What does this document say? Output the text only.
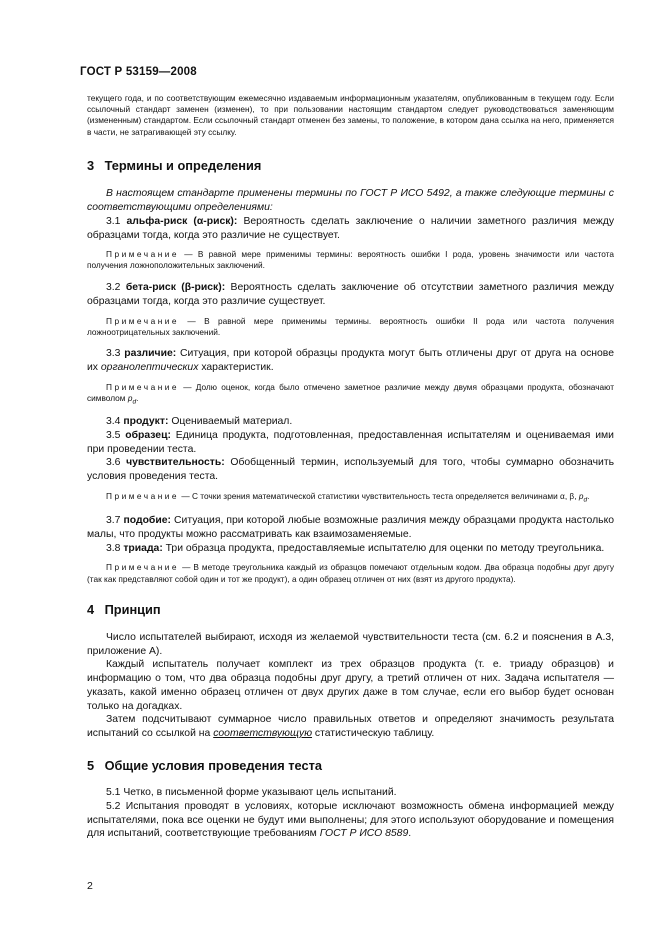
ГОСТ Р 53159—2008

текущего года, и по соответствующим ежемесячно издаваемым информационным указателям, опубликованным в текущем году. Если ссылочный стандарт заменен (изменен), то при пользовании настоящим стандартом следует руководствоваться заменяющим (измененным) стандартом. Если ссылочный стандарт отменен без замены, то положение, в котором дана ссылка на него, применяется в части, не затрагивающей эту ссылку.

3 Термины и определения

В настоящем стандарте применены термины по ГОСТ Р ИСО 5492, а также следующие термины с соответствующими определениями:

3.1 альфа-риск (α-риск): Вероятность сделать заключение о наличии заметного различия между образцами тогда, когда это различие не существует.

Примечание — В равной мере применимы термины: вероятность ошибки I рода, уровень значимости или частота получения ложноположительных заключений.

3.2 бета-риск (β-риск): Вероятность сделать заключение об отсутствии заметного различия между образцами тогда, когда это различие существует.

Примечание — В равной мере применимы термины. вероятность ошибки II рода или частота получения ложноотрицательных заключений.

3.3 различие: Ситуация, при которой образцы продукта могут быть отличены друг от друга на основе их органолептических характеристик.

Примечание — Долю оценок, когда было отмечено заметное различие между двумя образцами продукта, обозначают символом $p_d$.

3.4 продукт: Оцениваемый материал.

3.5 образец: Единица продукта, подготовленная, предоставленная испытателям и оцениваемая ими при проведении теста.

3.6 чувствительность: Обобщенный термин, используемый для того, чтобы суммарно обозначить условия проведения теста.

Примечание — С точки зрения математической статистики чувствительность теста определяется величинами α, β, $p_d$.

3.7 подобие: Ситуация, при которой любые возможные различия между образцами продукта настолько малы, что продукты можно рассматривать как взаимозаменяемые.

3.8 триада: Три образца продукта, предоставляемые испытателю для оценки по методу треугольника.

Примечание — В методе треугольника каждый из образцов помечают отдельным кодом. Два образца подобны друг другу (так как представляют собой один и тот же продукт), а один образец отличен от них (взят из другого продукта).

4 Принцип

Число испытателей выбирают, исходя из желаемой чувствительности теста (см. 6.2 и пояснения в А.3, приложение А).

Каждый испытатель получает комплект из трех образцов продукта (т. е. триаду образцов) и информацию о том, что два образца подобны друг другу, а третий отличен от них. Задача испытателя — указать, какой именно образец отличен от двух других даже в том случае, если его выбор будет основан только на догадках.

Затем подсчитывают суммарное число правильных ответов и определяют значимость результата испытаний со ссылкой на соответствующую статистическую таблицу.

5 Общие условия проведения теста

5.1 Четко, в письменной форме указывают цель испытаний.

5.2 Испытания проводят в условиях, которые исключают возможность обмена информацией между испытателями, пока все оценки не будут ими выполнены; для этого используют оборудование и помещения для испытаний, соответствующие требованиям ГОСТ Р ИСО 8589.

2
